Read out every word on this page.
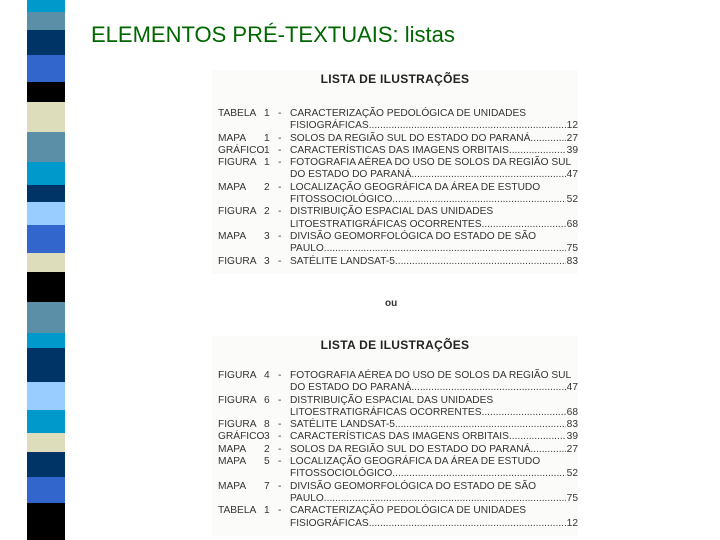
ELEMENTOS PRÉ-TEXTUAIS: listas
LISTA DE ILUSTRAÇÕES
TABELA 1 - CARACTERIZAÇÃO PEDOLÓGICA DE UNIDADES
FISIOGRÁFICAS .....	12
MAPA	1 - SOLOS DA REGIÃO SUL DO ESTADO DO PARANÁ .....	27
GRÁFICO 1 - CARACTERÍSTICAS DAS IMAGENS ORBITAIS .....	39
FIGURA 1 - FOTOGRAFIA AÉREA DO USO DE SOLOS DA REGIÃO SUL
DO ESTADO DO PARANÁ .....	47
MAPA	2 - LOCALIZAÇÃO GEOGRÁFICA DA ÁREA DE ESTUDO
FITOSSOCIOLÓGICO .....	52
FIGURA 2 - DISTRIBUIÇÃO ESPACIAL DAS UNIDADES
LITOESTRATIGRÁFICAS OCORRENTES .....	68
MAPA	3 - DIVISÃO GEOMORFOLÓGICA DO ESTADO DE SÃO
PAULO .....	75
FIGURA 3 - SATÉLITE LANDSAT-5 .....	83
ou
LISTA DE ILUSTRAÇÕES
FIGURA 4 - FOTOGRAFIA AÉREA DO USO DE SOLOS DA REGIÃO SUL
DO ESTADO DO PARANÁ .....	47
FIGURA 6 - DISTRIBUIÇÃO ESPACIAL DAS UNIDADES
LITOESTRATIGRÁFICAS OCORRENTES .....	68
FIGURA 8 - SATÉLITE LANDSAT-5 .....	83
GRÁFICO 3 - CARACTERÍSTICAS DAS IMAGENS ORBITAIS .....	39
MAPA	2 - SOLOS DA REGIÃO SUL DO ESTADO DO PARANÁ .....	27
MAPA	5 - LOCALIZAÇÃO GEOGRÁFICA DA ÁREA DE ESTUDO
FITOSSOCIOLÓGICO .....	52
MAPA	7 - DIVISÃO GEOMORFOLÓGICA DO ESTADO DE SÃO
PAULO .....	75
TABELA 1 - CARACTERIZAÇÃO PEDOLÓGICA DE UNIDADES
FISIOGRÁFICAS .....	12
